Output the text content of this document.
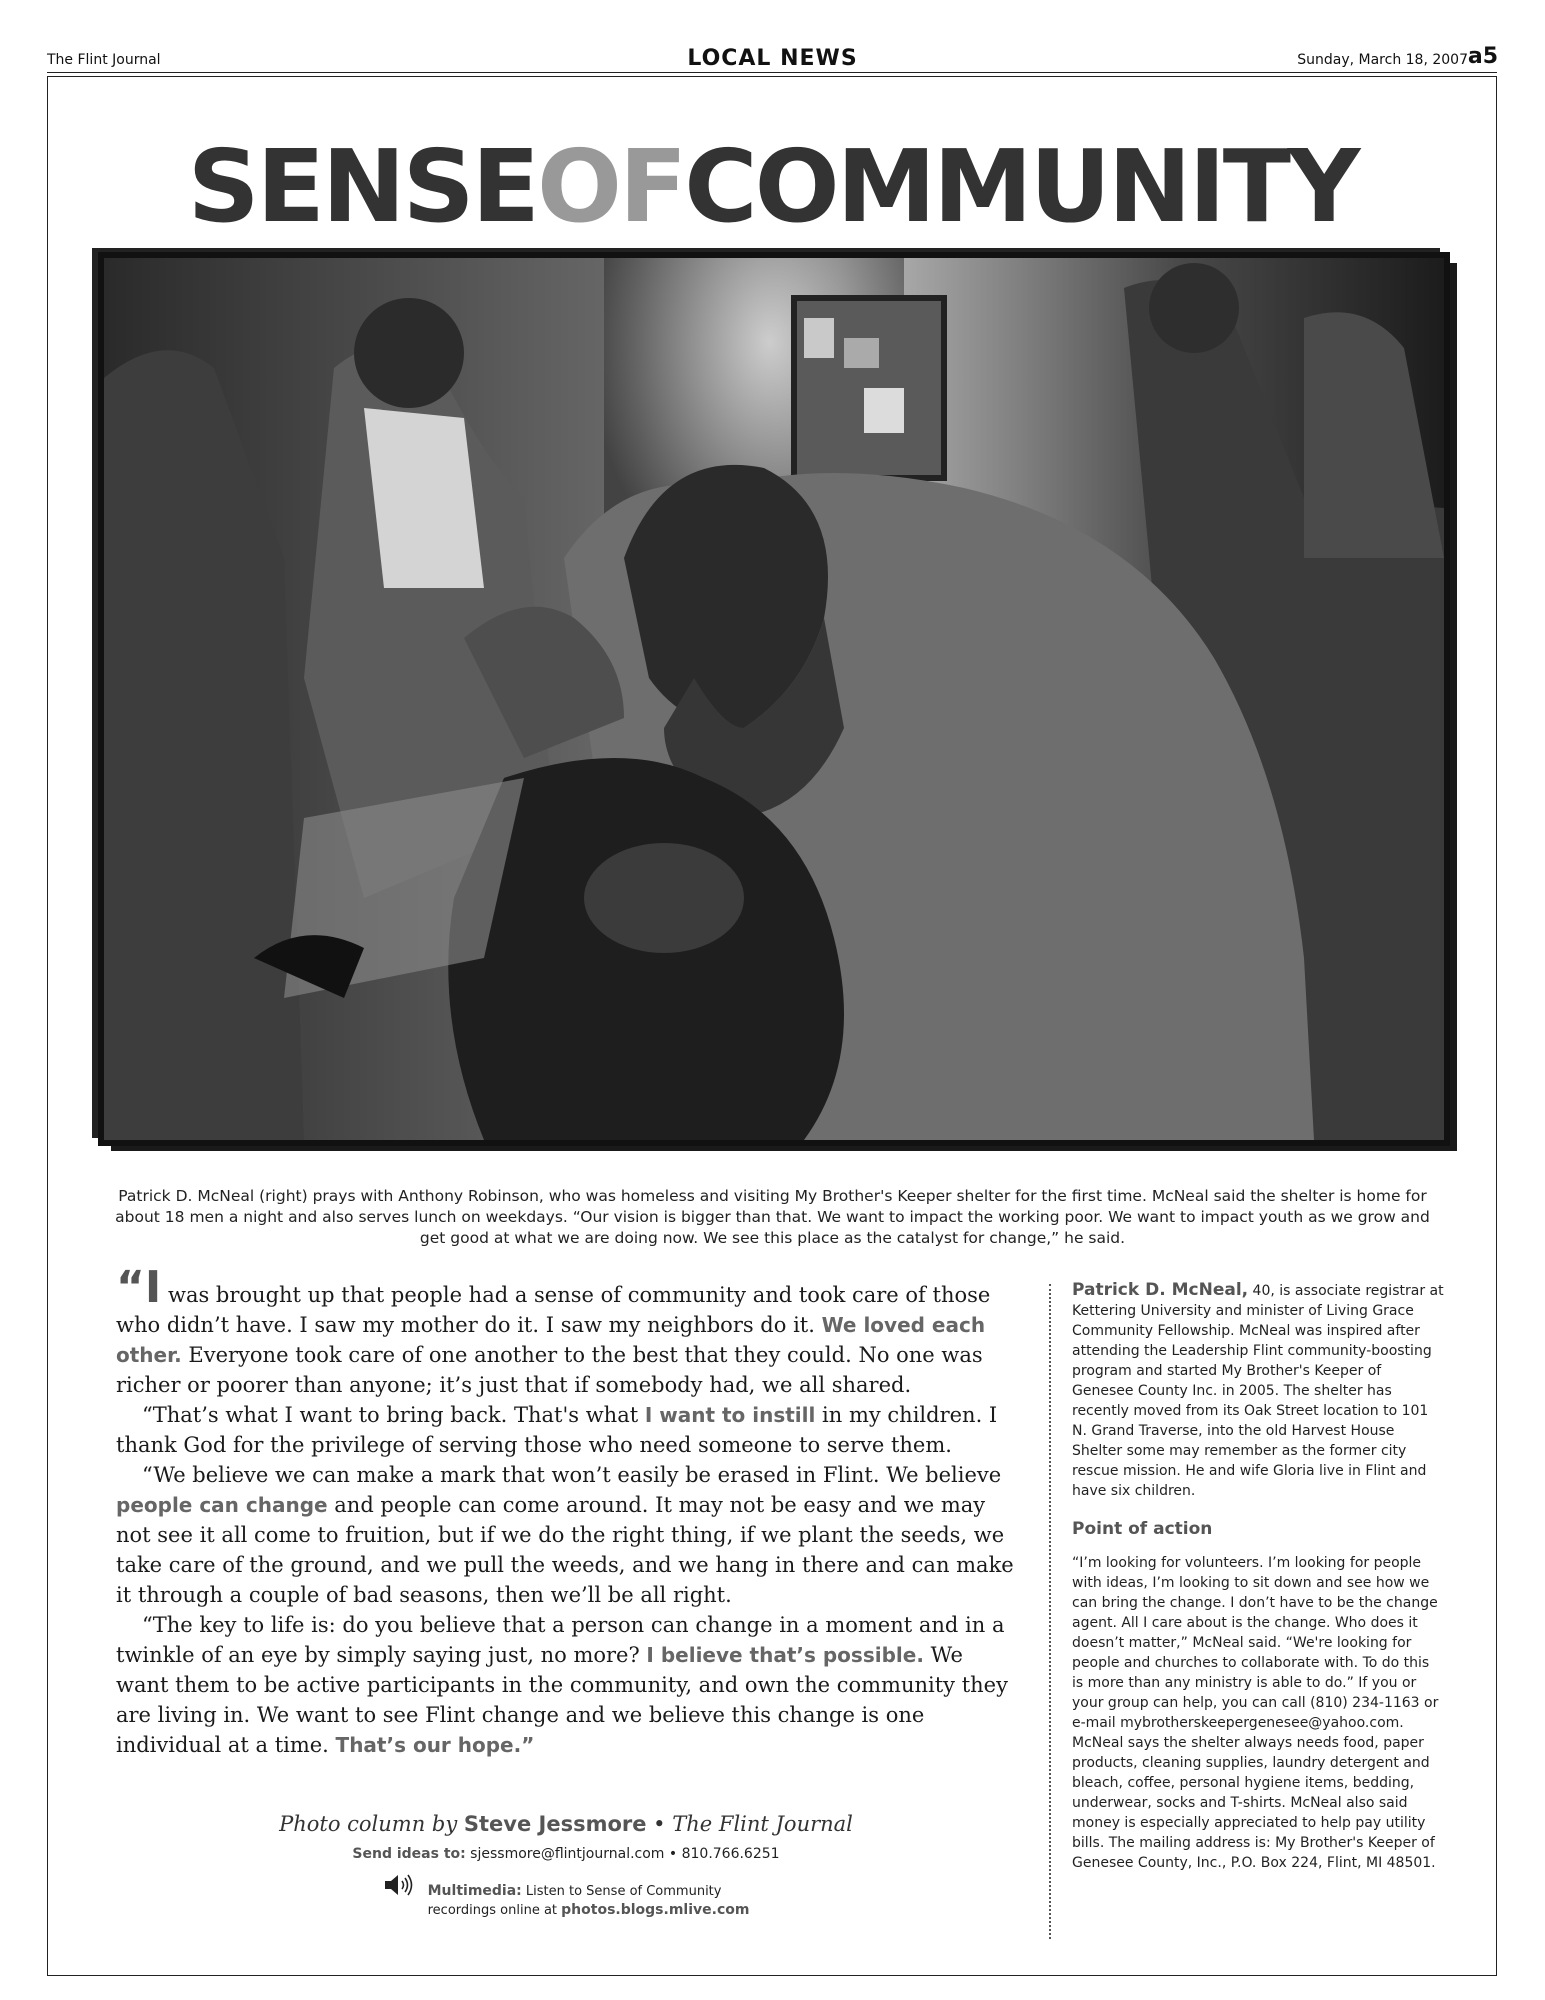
The Flint Journal	LOCAL NEWS	Sunday, March 18, 2007 a5
SENSEOFCOMMUNITY
Patrick D. McNeal (right) prays with Anthony Robinson, who was homeless and visiting My Brother's Keeper shelter for the first time. McNeal said the shelter is home for about 18 men a night and also serves lunch on weekdays. “Our vision is bigger than that. We want to impact the working poor. We want to impact youth as we grow and get good at what we are doing now. We see this place as the catalyst for change,” he said.

“I was brought up that people had a sense of community and took care of those who didn’t have. I saw my mother do it. I saw my neighbors do it. We loved each other. Everyone took care of one another to the best that they could. No one was richer or poorer than anyone; it’s just that if somebody had, we all shared.

“That’s what I want to bring back. That's what I want to instill in my children. I thank God for the privilege of serving those who need someone to serve them.

“We believe we can make a mark that won’t easily be erased in Flint. We believe people can change and people can come around. It may not be easy and we may not see it all come to fruition, but if we do the right thing, if we plant the seeds, we take care of the ground, and we pull the weeds, and we hang in there and can make it through a couple of bad seasons, then we’ll be all right.

“The key to life is: do you believe that a person can change in a moment and in a twinkle of an eye by simply saying just, no more? I believe that’s possible. We want them to be active participants in the community, and own the community they are living in. We want to see Flint change and we believe this change is one individual at a time. That’s our hope.”

Photo column by Steve Jessmore • The Flint Journal
Send ideas to: sjessmore@flintjournal.com • 810.766.6251
Multimedia: Listen to Sense of Community
recordings online at photos.blogs.mlive.com

Patrick D. McNeal, 40, is associate registrar at Kettering University and minister of Living Grace Community Fellowship. McNeal was inspired after attending the Leadership Flint community-boosting program and started My Brother's Keeper of Genesee County Inc. in 2005. The shelter has recently moved from its Oak Street location to 101 N. Grand Traverse, into the old Harvest House Shelter some may remember as the former city rescue mission. He and wife Gloria live in Flint and have six children.

Point of action

“I’m looking for volunteers. I’m looking for people with ideas, I’m looking to sit down and see how we can bring the change. I don’t have to be the change agent. All I care about is the change. Who does it doesn’t matter,” McNeal said. “We're looking for people and churches to collaborate with. To do this is more than any ministry is able to do.” If you or your group can help, you can call (810) 234-1163 or e-mail mybrotherskeepergenesee@yahoo.com. McNeal says the shelter always needs food, paper products, cleaning supplies, laundry detergent and bleach, coffee, personal hygiene items, bedding, underwear, socks and T-shirts. McNeal also said money is especially appreciated to help pay utility bills. The mailing address is: My Brother's Keeper of Genesee County, Inc., P.O. Box 224, Flint, MI 48501.
